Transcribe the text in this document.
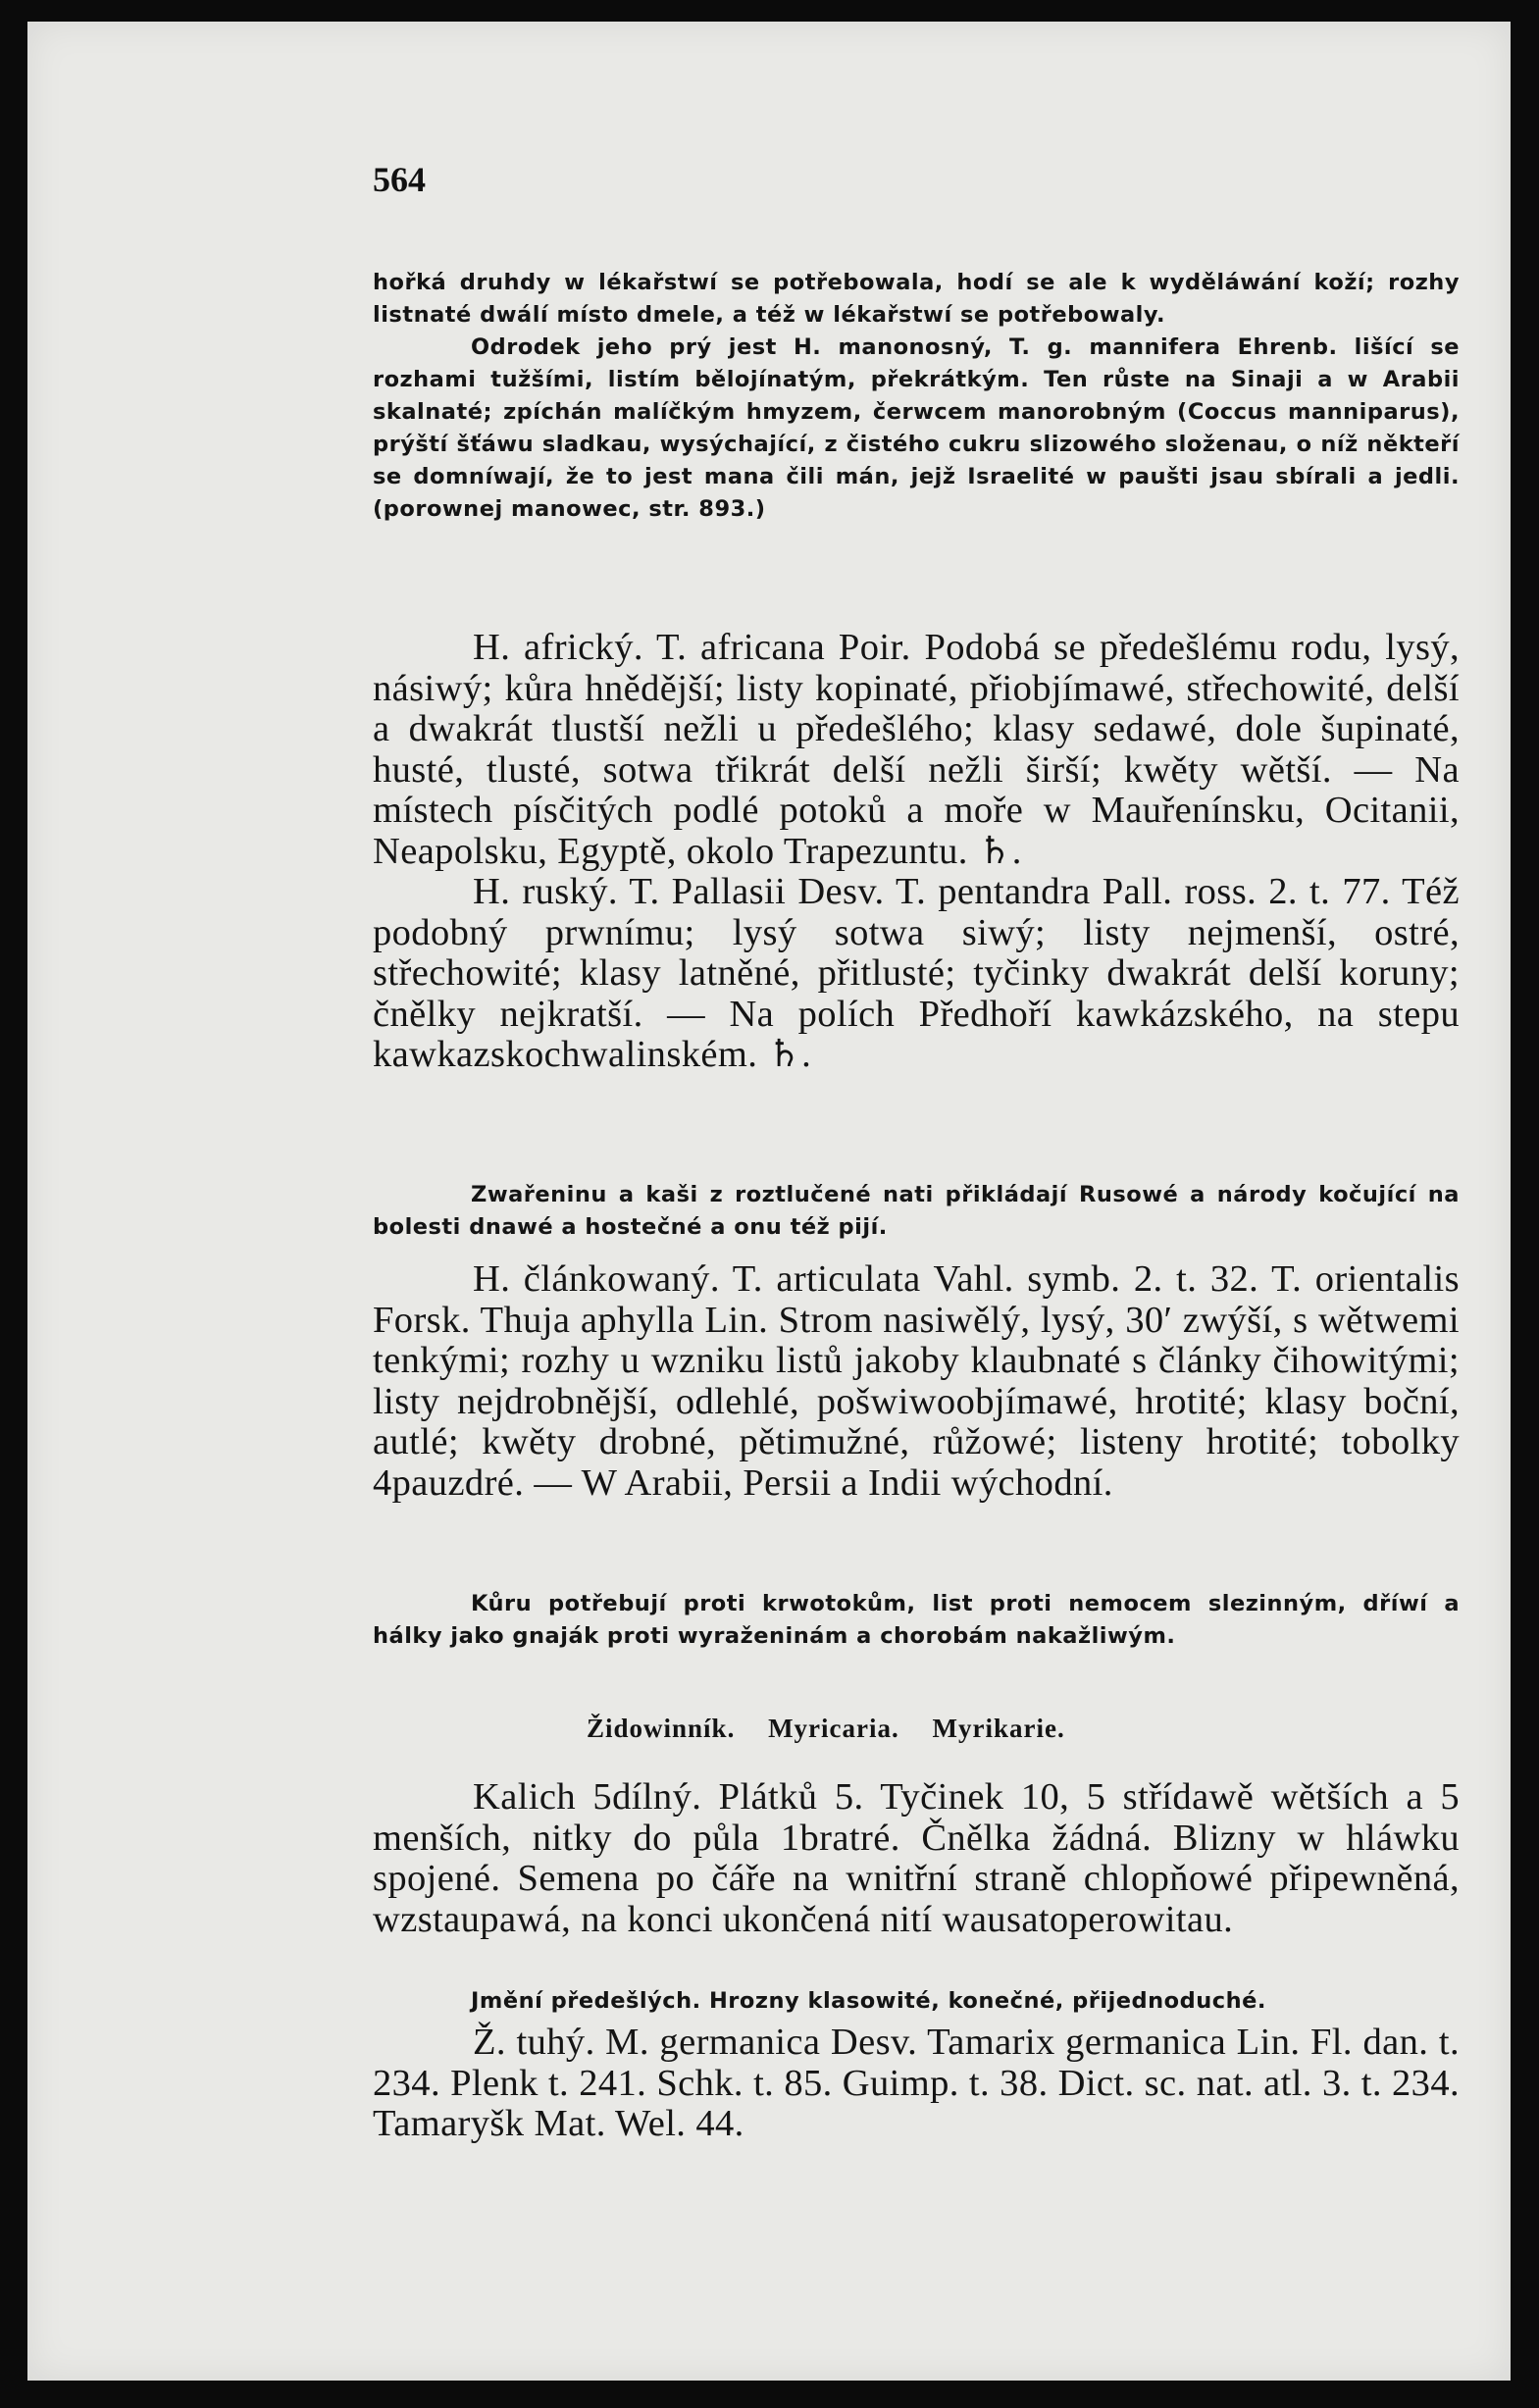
564

hořká druhdy w lékařstwí se potřebowala, hodí se ale k wyděláwání koží; rozhy listnaté dwálí místo dmele, a též w lékařstwí se potřebowaly.

Odrodek jeho prý jest H. manonosný, T. g. mannifera Ehrenb. lišící se rozhami tužšími, listím bělojínatým, překrátkým. Ten růste na Sinaji a w Arabii skalnaté; zpíchán malíčkým hmyzem, čerwcem manorobným (Coccus manniparus), prýští šťáwu sladkau, wysýchající, z čistého cukru slizowého složenau, o níž někteří se domníwají, že to jest mana čili mán, jejž Israelité w paušti jsau sbírali a jedli. (porownej manowec, str. 893.)

H. africký. T. africana Poir. Podobá se předešlému rodu, lysý, násiwý; kůra hnědější; listy kopinaté, přiobjímawé, střechowité, delší a dwakrát tlustší nežli u předešlého; klasy sedawé, dole šupinaté, husté, tlusté, sotwa třikrát delší nežli širší; kwěty wětší. — Na místech písčitých podlé potoků a moře w Mauřenínsku, Ocitanii, Neapolsku, Egyptě, okolo Trapezuntu. ♄.

H. ruský. T. Pallasii Desv. T. pentandra Pall. ross. 2. t. 77. Též podobný prwnímu; lysý sotwa siwý; listy nejmenší, ostré, střechowité; klasy latněné, přitlusté; tyčinky dwakrát delší koruny; čnělky nejkratší. — Na polích Předhoří kawkázského, na stepu kawkazskochwalinském. ♄.

Zwařeninu a kaši z roztlučené nati přikládají Rusowé a národy kočující na bolesti dnawé a hostečné a onu též pijí.

H. článkowaný. T. articulata Vahl. symb. 2. t. 32. T. orientalis Forsk. Thuja aphylla Lin. Strom nasiwělý, lysý, 30′ zwýší, s wětwemi tenkými; rozhy u wzniku listů jakoby klaubnaté s články čihowitými; listy nejdrobnější, odlehlé, pošwiwoobjímawé, hrotité; klasy boční, autlé; kwěty drobné, pětimužné, růžowé; listeny hrotité; tobolky 4pauzdré. — W Arabii, Persii a Indii wýchodní.

Kůru potřebují proti krwotokům, list proti nemocem slezinným, dříwí a hálky jako gnaják proti wyraženinám a chorobám nakažliwým.

Židowinník. Myricaria. Myrikarie.

Kalich 5dílný. Plátků 5. Tyčinek 10, 5 střídawě wětších a 5 menších, nitky do půla 1bratré. Čnělka žádná. Blizny w hláwku spojené. Semena po čáře na wnitřní straně chlopňowé připewněná, wzstaupawá, na konci ukončená nití wausatoperowitau.

Jmění předešlých. Hrozny klasowité, konečné, přijednoduché.

Ž. tuhý. M. germanica Desv. Tamarix germanica Lin. Fl. dan. t. 234. Plenk t. 241. Schk. t. 85. Guimp. t. 38. Dict. sc. nat. atl. 3. t. 234. Tamaryšk Mat. Wel. 44.
